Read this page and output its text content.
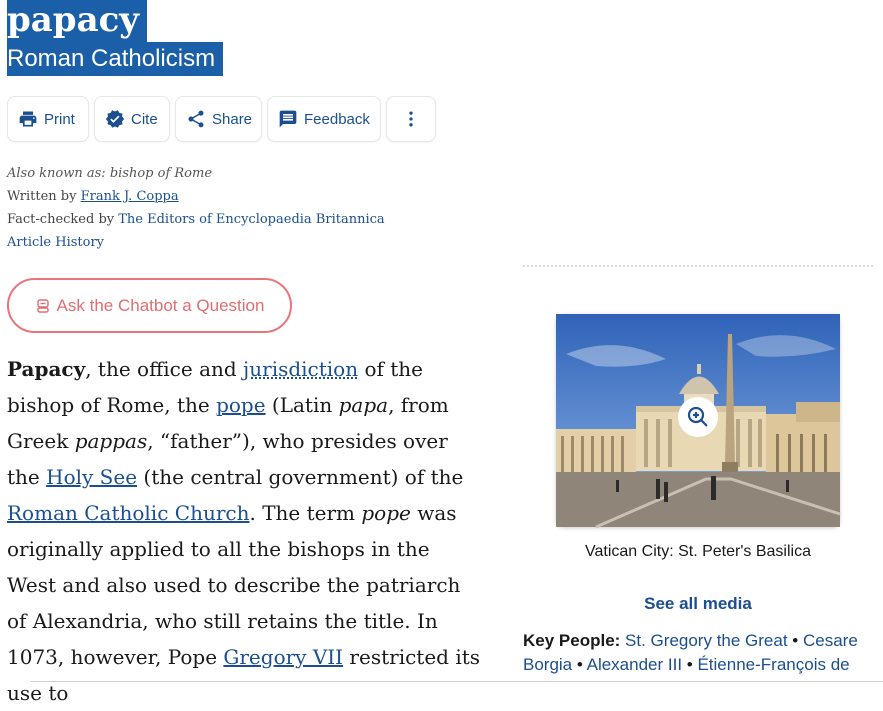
papacy
Roman Catholicism
Print	Cite	Share	Feedback
Also known as: bishop of Rome
Written by Frank J. Coppa
Fact-checked by The Editors of Encyclopaedia Britannica
Article History
Ask the Chatbot a Question

Papacy, the office and jurisdiction of the bishop of Rome, the pope (Latin papa, from Greek pappas, “father”), who presides over the Holy See (the central government) of the Roman Catholic Church. The term pope was originally applied to all the bishops in the West and also used to describe the patriarch of Alexandria, who still retains the title. In 1073, however, Pope Gregory VII restricted its use to

Vatican City: St. Peter's Basilica
See all media
Key People: St. Gregory the Great • Cesare Borgia • Alexander III • Étienne-François de
